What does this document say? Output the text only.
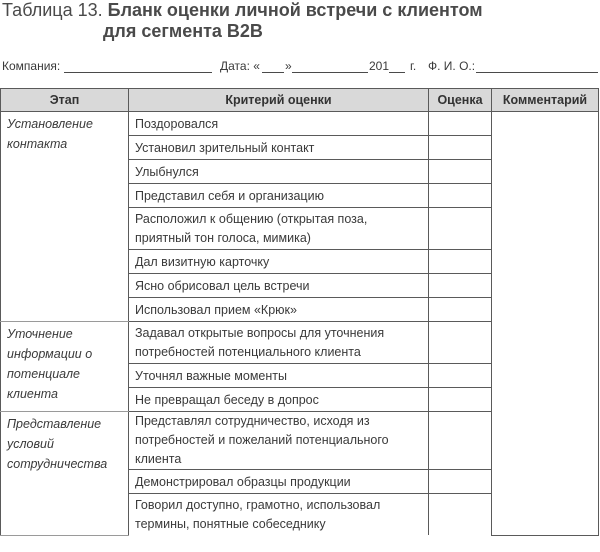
Таблица 13. Бланк оценки личной встречи с клиентом
для сегмента В2В
Компания:	Дата: « »	201 г. Ф. И. О.:
Этап	Критерий оценки	Оценка	Комментарий
Установление контакта	Поздоровался		
	Установил зрительный контакт		
	Улыбнулся		
	Представил себя и организацию		
	Расположил к общению (открытая поза, приятный тон голоса, мимика)		
	Дал визитную карточку		
	Ясно обрисовал цель встречи		
	Использовал прием «Крюк»		
Уточнение информации о потенциале клиента	Задавал открытые вопросы для уточнения потребностей потенциального клиента		
	Уточнял важные моменты		
	Не превращал беседу в допрос		
Представление условий сотрудничества	Представлял сотрудничество, исходя из потребностей и пожеланий потенциального клиента		
	Демонстрировал образцы продукции		
	Говорил доступно, грамотно, использовал термины, понятные собеседнику		
